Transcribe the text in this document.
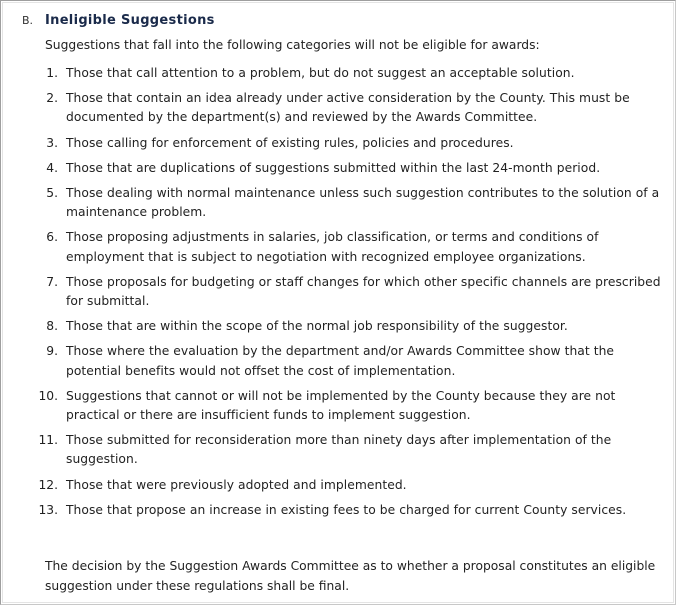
B. Ineligible Suggestions
Suggestions that fall into the following categories will not be eligible for awards:
1. Those that call attention to a problem, but do not suggest an acceptable solution.
2. Those that contain an idea already under active consideration by the County. This must be documented by the department(s) and reviewed by the Awards Committee.
3. Those calling for enforcement of existing rules, policies and procedures.
4. Those that are duplications of suggestions submitted within the last 24-month period.
5. Those dealing with normal maintenance unless such suggestion contributes to the solution of a maintenance problem.
6. Those proposing adjustments in salaries, job classification, or terms and conditions of employment that is subject to negotiation with recognized employee organizations.
7. Those proposals for budgeting or staff changes for which other specific channels are prescribed for submittal.
8. Those that are within the scope of the normal job responsibility of the suggestor.
9. Those where the evaluation by the department and/or Awards Committee show that the potential benefits would not offset the cost of implementation.
10. Suggestions that cannot or will not be implemented by the County because they are not practical or there are insufficient funds to implement suggestion.
11. Those submitted for reconsideration more than ninety days after implementation of the suggestion.
12. Those that were previously adopted and implemented.
13. Those that propose an increase in existing fees to be charged for current County services.
The decision by the Suggestion Awards Committee as to whether a proposal constitutes an eligible suggestion under these regulations shall be final.
